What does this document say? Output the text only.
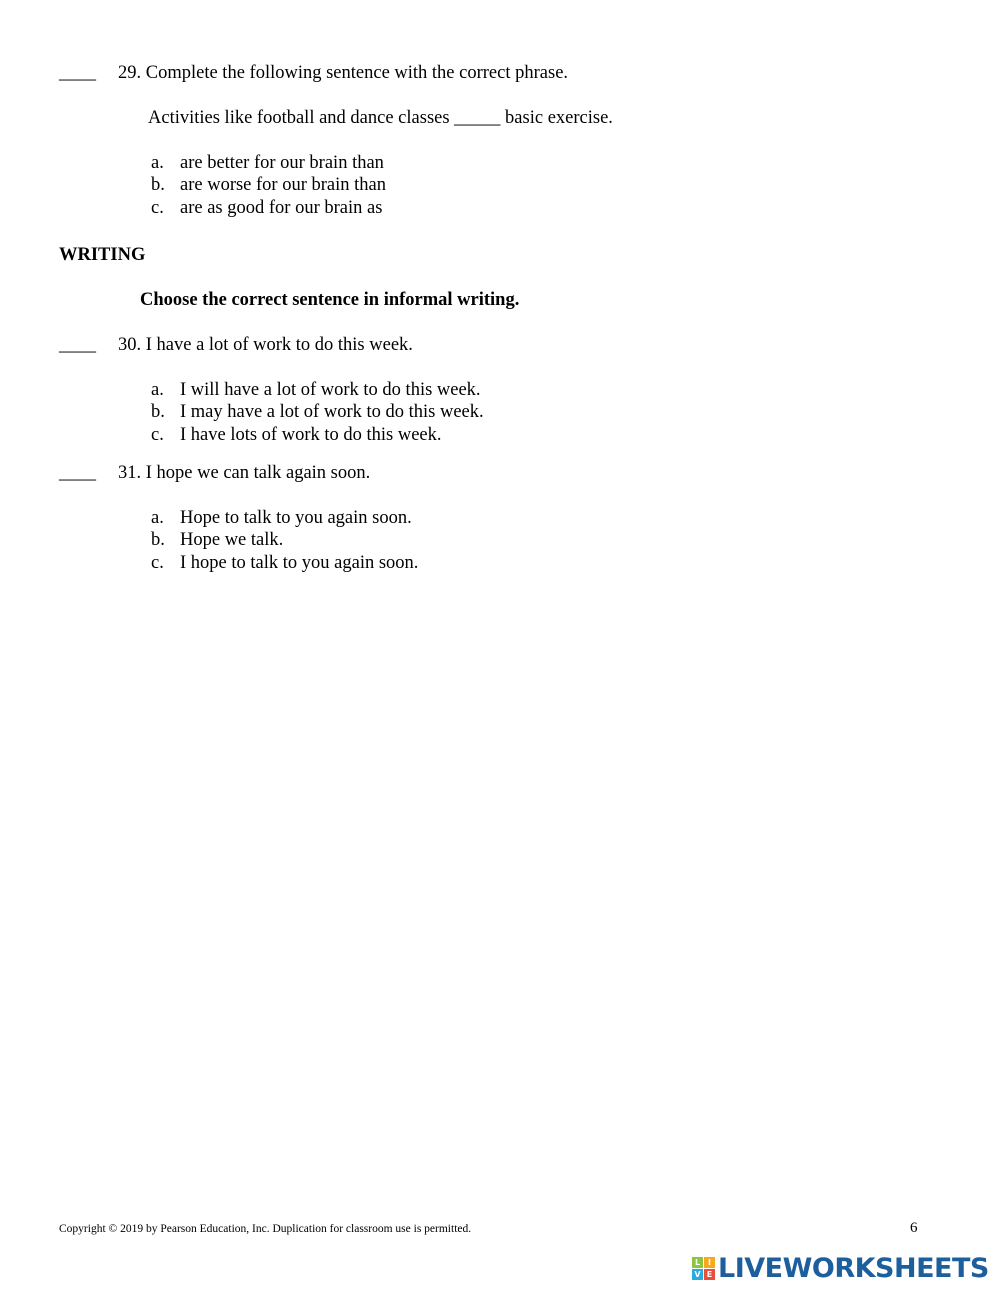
____ 29. Complete the following sentence with the correct phrase.
Activities like football and dance classes _____ basic exercise.
a. are better for our brain than
b. are worse for our brain than
c. are as good for our brain as
WRITING
Choose the correct sentence in informal writing.
____ 30. I have a lot of work to do this week.
a. I will have a lot of work to do this week.
b. I may have a lot of work to do this week.
c. I have lots of work to do this week.
____ 31. I hope we can talk again soon.
a. Hope to talk to you again soon.
b. Hope we talk.
c. I hope to talk to you again soon.
Copyright © 2019 by Pearson Education, Inc. Duplication for classroom use is permitted.	6
L I
V E LIVEWORKSHEETS
